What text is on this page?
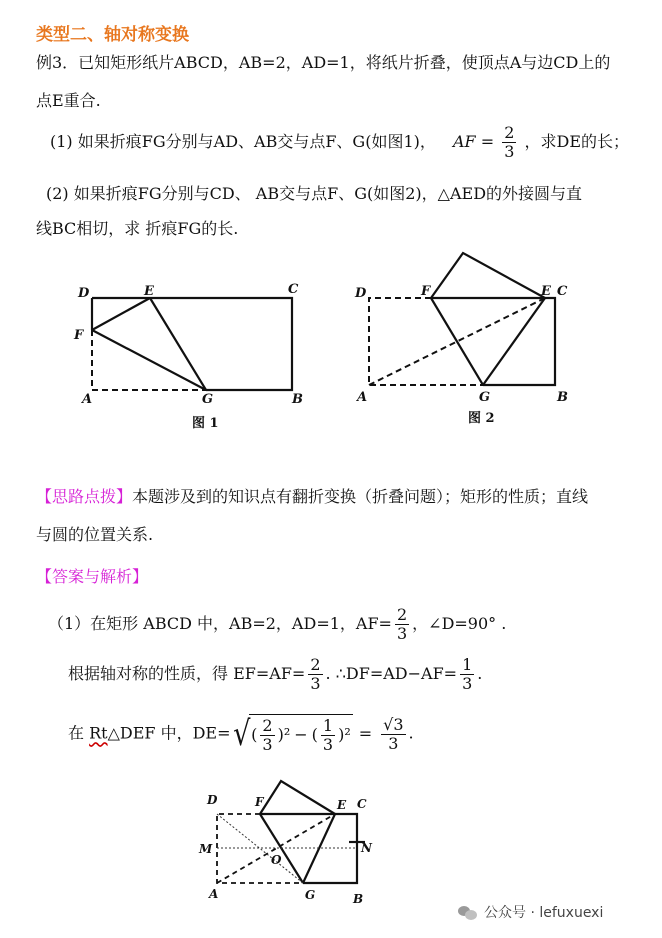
类型二、轴对称变换
例3．已知矩形纸片ABCD，AB=2，AD=1，将纸片折叠，使顶点A与边CD上的
点E重合.
(1) 如果折痕FG分别与AD、AB交与点F、G(如图1)， AF = $\frac{2}{3}$ ，求DE的长；
(2) 如果折痕FG分别与CD、 AB交与点F、G(如图2)，△AED的外接圆与直
线BC相切，求 折痕FG的长.
D	E	C
F
A	G	B
图 1
D	F	E C
A	G	B
图 2
【思路点拨】本题涉及到的知识点有翻折变换（折叠问题）；矩形的性质；直线
与圆的位置关系.
【答案与解析】
（1）在矩形 ABCD 中，AB=2，AD=1，$AF= \frac{2}{3}$ ，∠D=90° .
根据轴对称的性质，得 $EF=AF= \frac{2}{3}$ . ∴DF=AD−AF= $\frac{1}{3}$ .
在 Rt△DEF 中，$DE=√( \frac{2}{3} )^2$ − ( $\frac{1}{3} )^2 = \frac{√3}{3}$ .
D	F	E C
M	N
O
A	G	B
公众号 · lefuxuexi
